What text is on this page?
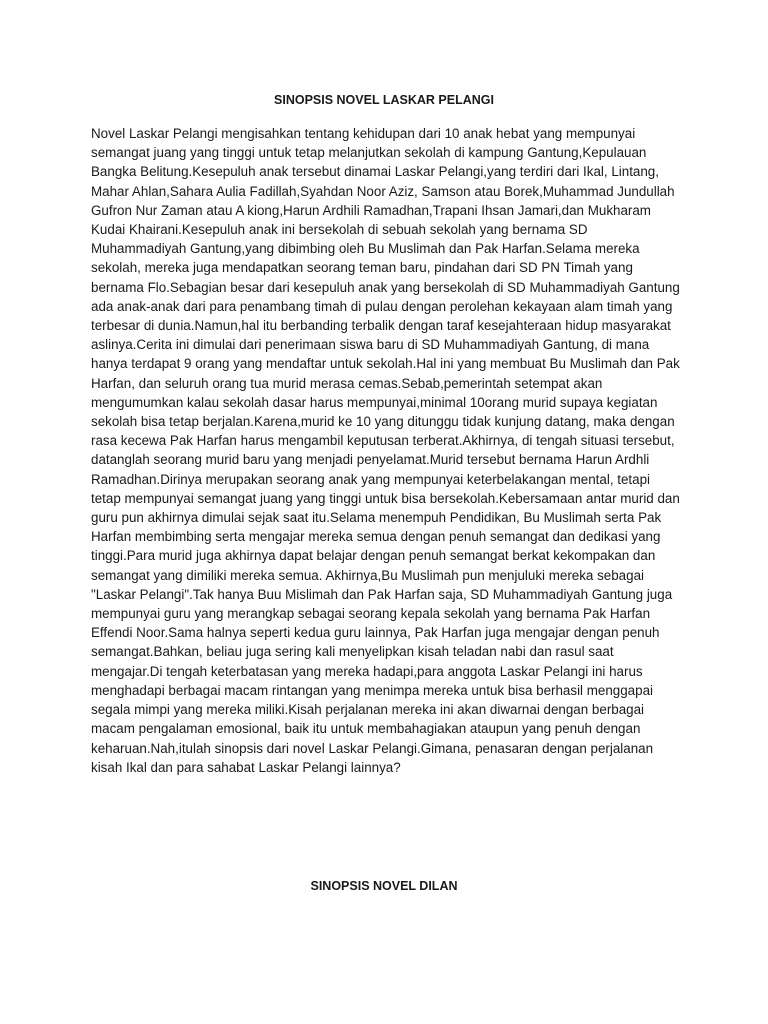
SINOPSIS NOVEL LASKAR PELANGI

Novel Laskar Pelangi mengisahkan tentang kehidupan dari 10 anak hebat yang mempunyai semangat juang yang tinggi untuk tetap melanjutkan sekolah di kampung Gantung,Kepulauan Bangka Belitung.Kesepuluh anak tersebut dinamai Laskar Pelangi,yang terdiri dari Ikal, Lintang, Mahar Ahlan,Sahara Aulia Fadillah,Syahdan Noor Aziz, Samson atau Borek,Muhammad Jundullah Gufron Nur Zaman atau A kiong,Harun Ardhili Ramadhan,Trapani Ihsan Jamari,dan Mukharam Kudai Khairani.Kesepuluh anak ini bersekolah di sebuah sekolah yang bernama SD Muhammadiyah Gantung,yang dibimbing oleh Bu Muslimah dan Pak Harfan.Selama mereka sekolah, mereka juga mendapatkan seorang teman baru, pindahan dari SD PN Timah yang bernama Flo.Sebagian besar dari kesepuluh anak yang bersekolah di SD Muhammadiyah Gantung ada anak-anak dari para penambang timah di pulau dengan perolehan kekayaan alam timah yang terbesar di dunia.Namun,hal itu berbanding terbalik dengan taraf kesejahteraan hidup masyarakat aslinya.Cerita ini dimulai dari penerimaan siswa baru di SD Muhammadiyah Gantung, di mana hanya terdapat 9 orang yang mendaftar untuk sekolah.Hal ini yang membuat Bu Muslimah dan Pak Harfan, dan seluruh orang tua murid merasa cemas.Sebab,pemerintah setempat akan mengumumkan kalau sekolah dasar harus mempunyai,minimal 10orang murid supaya kegiatan sekolah bisa tetap berjalan.Karena,murid ke 10 yang ditunggu tidak kunjung datang, maka dengan rasa kecewa Pak Harfan harus mengambil keputusan terberat.Akhirnya, di tengah situasi tersebut, datanglah seorang murid baru yang menjadi penyelamat.Murid tersebut bernama Harun Ardhli Ramadhan.Dirinya merupakan seorang anak yang mempunyai keterbelakangan mental, tetapi tetap mempunyai semangat juang yang tinggi untuk bisa bersekolah.Kebersamaan antar murid dan guru pun akhirnya dimulai sejak saat itu.Selama menempuh Pendidikan, Bu Muslimah serta Pak Harfan membimbing serta mengajar mereka semua dengan penuh semangat dan dedikasi yang tinggi.Para murid juga akhirnya dapat belajar dengan penuh semangat berkat kekompakan dan semangat yang dimiliki mereka semua. Akhirnya,Bu Muslimah pun menjuluki mereka sebagai "Laskar Pelangi".Tak hanya Buu Mislimah dan Pak Harfan saja, SD Muhammadiyah Gantung juga mempunyai guru yang merangkap sebagai seorang kepala sekolah yang bernama Pak Harfan Effendi Noor.Sama halnya seperti kedua guru lainnya, Pak Harfan juga mengajar dengan penuh semangat.Bahkan, beliau juga sering kali menyelipkan kisah teladan nabi dan rasul saat mengajar.Di tengah keterbatasan yang mereka hadapi,para anggota Laskar Pelangi ini harus menghadapi berbagai macam rintangan yang menimpa mereka untuk bisa berhasil menggapai segala mimpi yang mereka miliki.Kisah perjalanan mereka ini akan diwarnai dengan berbagai macam pengalaman emosional, baik itu untuk membahagiakan ataupun yang penuh dengan keharuan.Nah,itulah sinopsis dari novel Laskar Pelangi.Gimana, penasaran dengan perjalanan kisah Ikal dan para sahabat Laskar Pelangi lainnya?

SINOPSIS NOVEL DILAN
